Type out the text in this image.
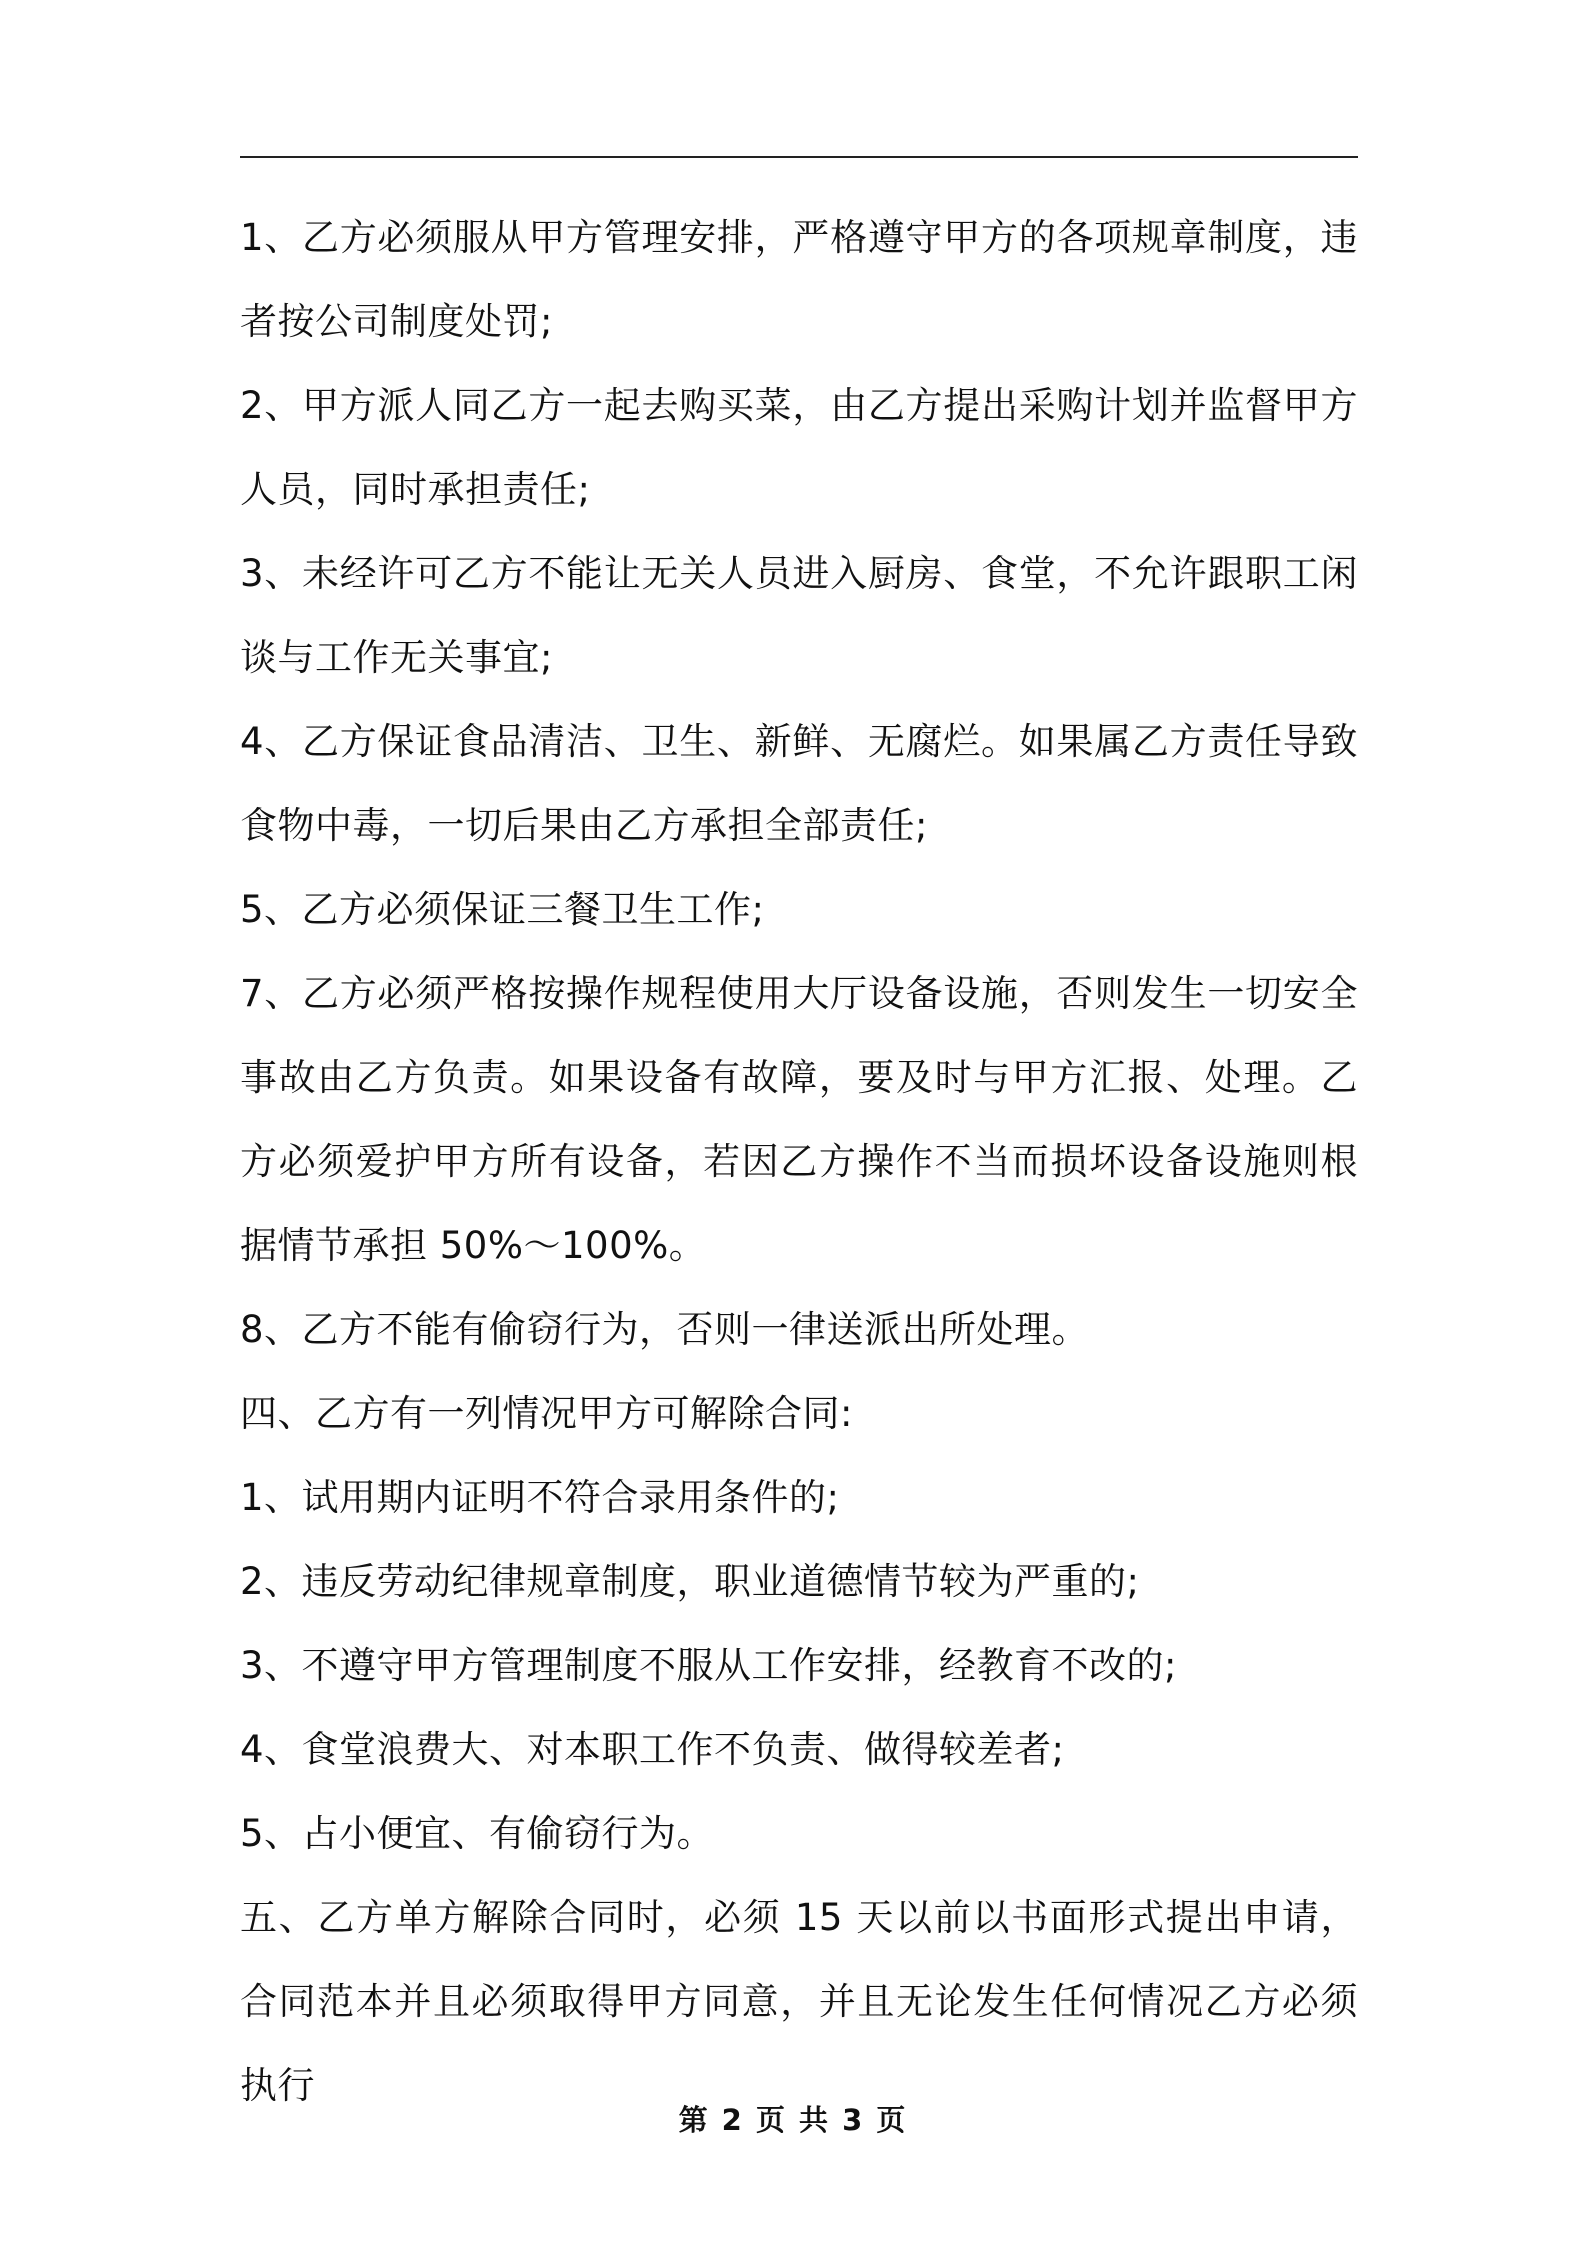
1、乙方必须服从甲方管理安排，严格遵守甲方的各项规章制度，违者按公司制度处罚;

2、甲方派人同乙方一起去购买菜，由乙方提出采购计划并监督甲方人员，同时承担责任;

3、未经许可乙方不能让无关人员进入厨房、食堂，不允许跟职工闲谈与工作无关事宜;

4、乙方保证食品清洁、卫生、新鲜、无腐烂。如果属乙方责任导致食物中毒，一切后果由乙方承担全部责任;

5、乙方必须保证三餐卫生工作;

7、乙方必须严格按操作规程使用大厅设备设施，否则发生一切安全事故由乙方负责。如果设备有故障，要及时与甲方汇报、处理。乙方必须爱护甲方所有设备，若因乙方操作不当而损坏设备设施则根据情节承担 50%～100%。

8、乙方不能有偷窃行为，否则一律送派出所处理。

四、乙方有一列情况甲方可解除合同:

1、试用期内证明不符合录用条件的;

2、违反劳动纪律规章制度，职业道德情节较为严重的;

3、不遵守甲方管理制度不服从工作安排，经教育不改的;

4、食堂浪费大、对本职工作不负责、做得较差者;

5、占小便宜、有偷窃行为。

五、乙方单方解除合同时，必须 15 天以前以书面形式提出申请，合同范本并且必须取得甲方同意，并且无论发生任何情况乙方必须执行

第 2 页 共 3 页
